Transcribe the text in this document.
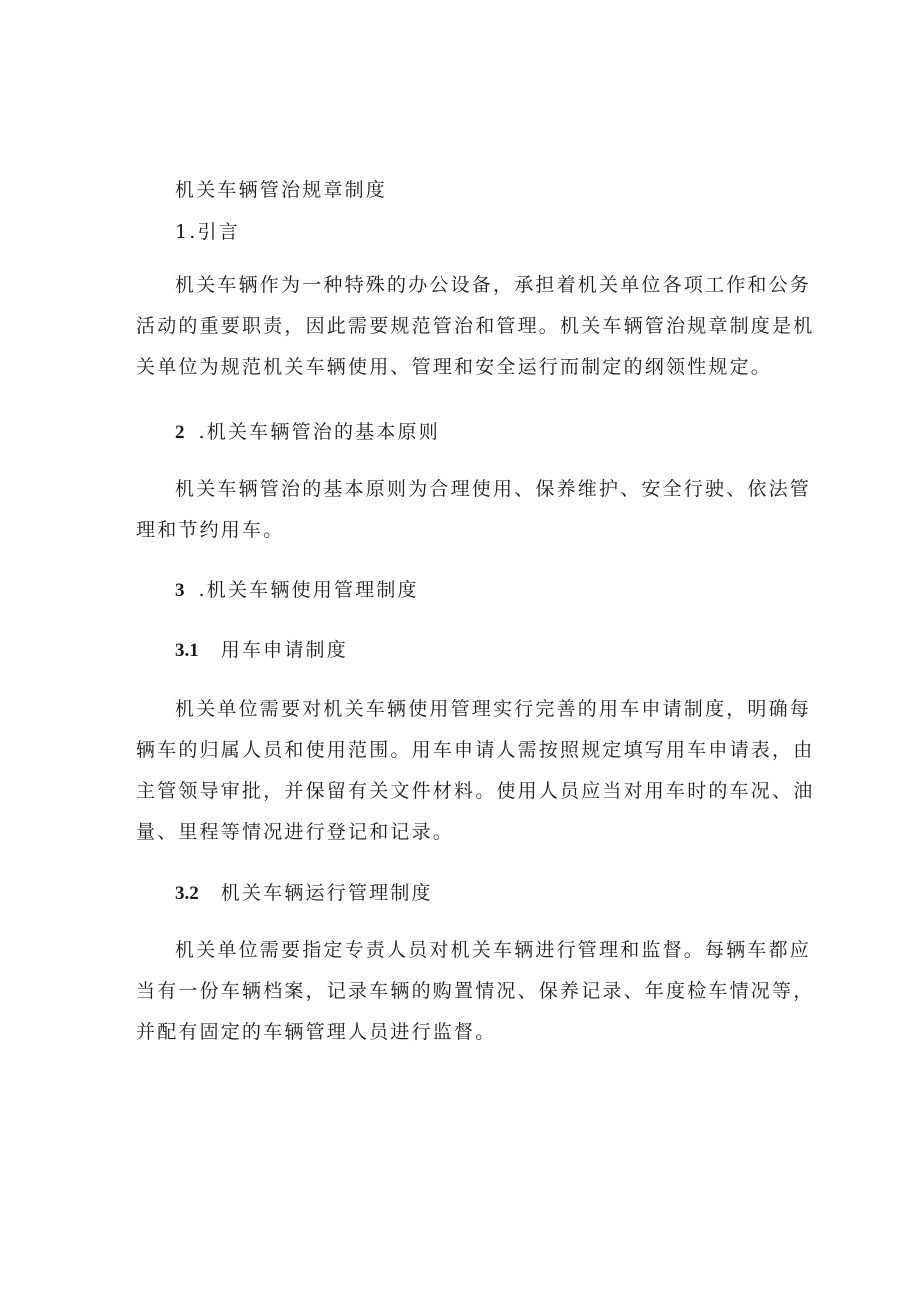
机关车辆管治规章制度
1.引言
机关车辆作为一种特殊的办公设备，承担着机关单位各项工作和公务
活动的重要职责，因此需要规范管治和管理。机关车辆管治规章制度是机
关单位为规范机关车辆使用、管理和安全运行而制定的纲领性规定。
2 .机关车辆管治的基本原则
机关车辆管治的基本原则为合理使用、保养维护、安全行驶、依法管
理和节约用车。
3 .机关车辆使用管理制度
3.1 用车申请制度
机关单位需要对机关车辆使用管理实行完善的用车申请制度，明确每
辆车的归属人员和使用范围。用车申请人需按照规定填写用车申请表，由
主管领导审批，并保留有关文件材料。使用人员应当对用车时的车况、油
量、里程等情况进行登记和记录。
3.2 机关车辆运行管理制度
机关单位需要指定专责人员对机关车辆进行管理和监督。每辆车都应
当有一份车辆档案，记录车辆的购置情况、保养记录、年度检车情况等，
并配有固定的车辆管理人员进行监督。
